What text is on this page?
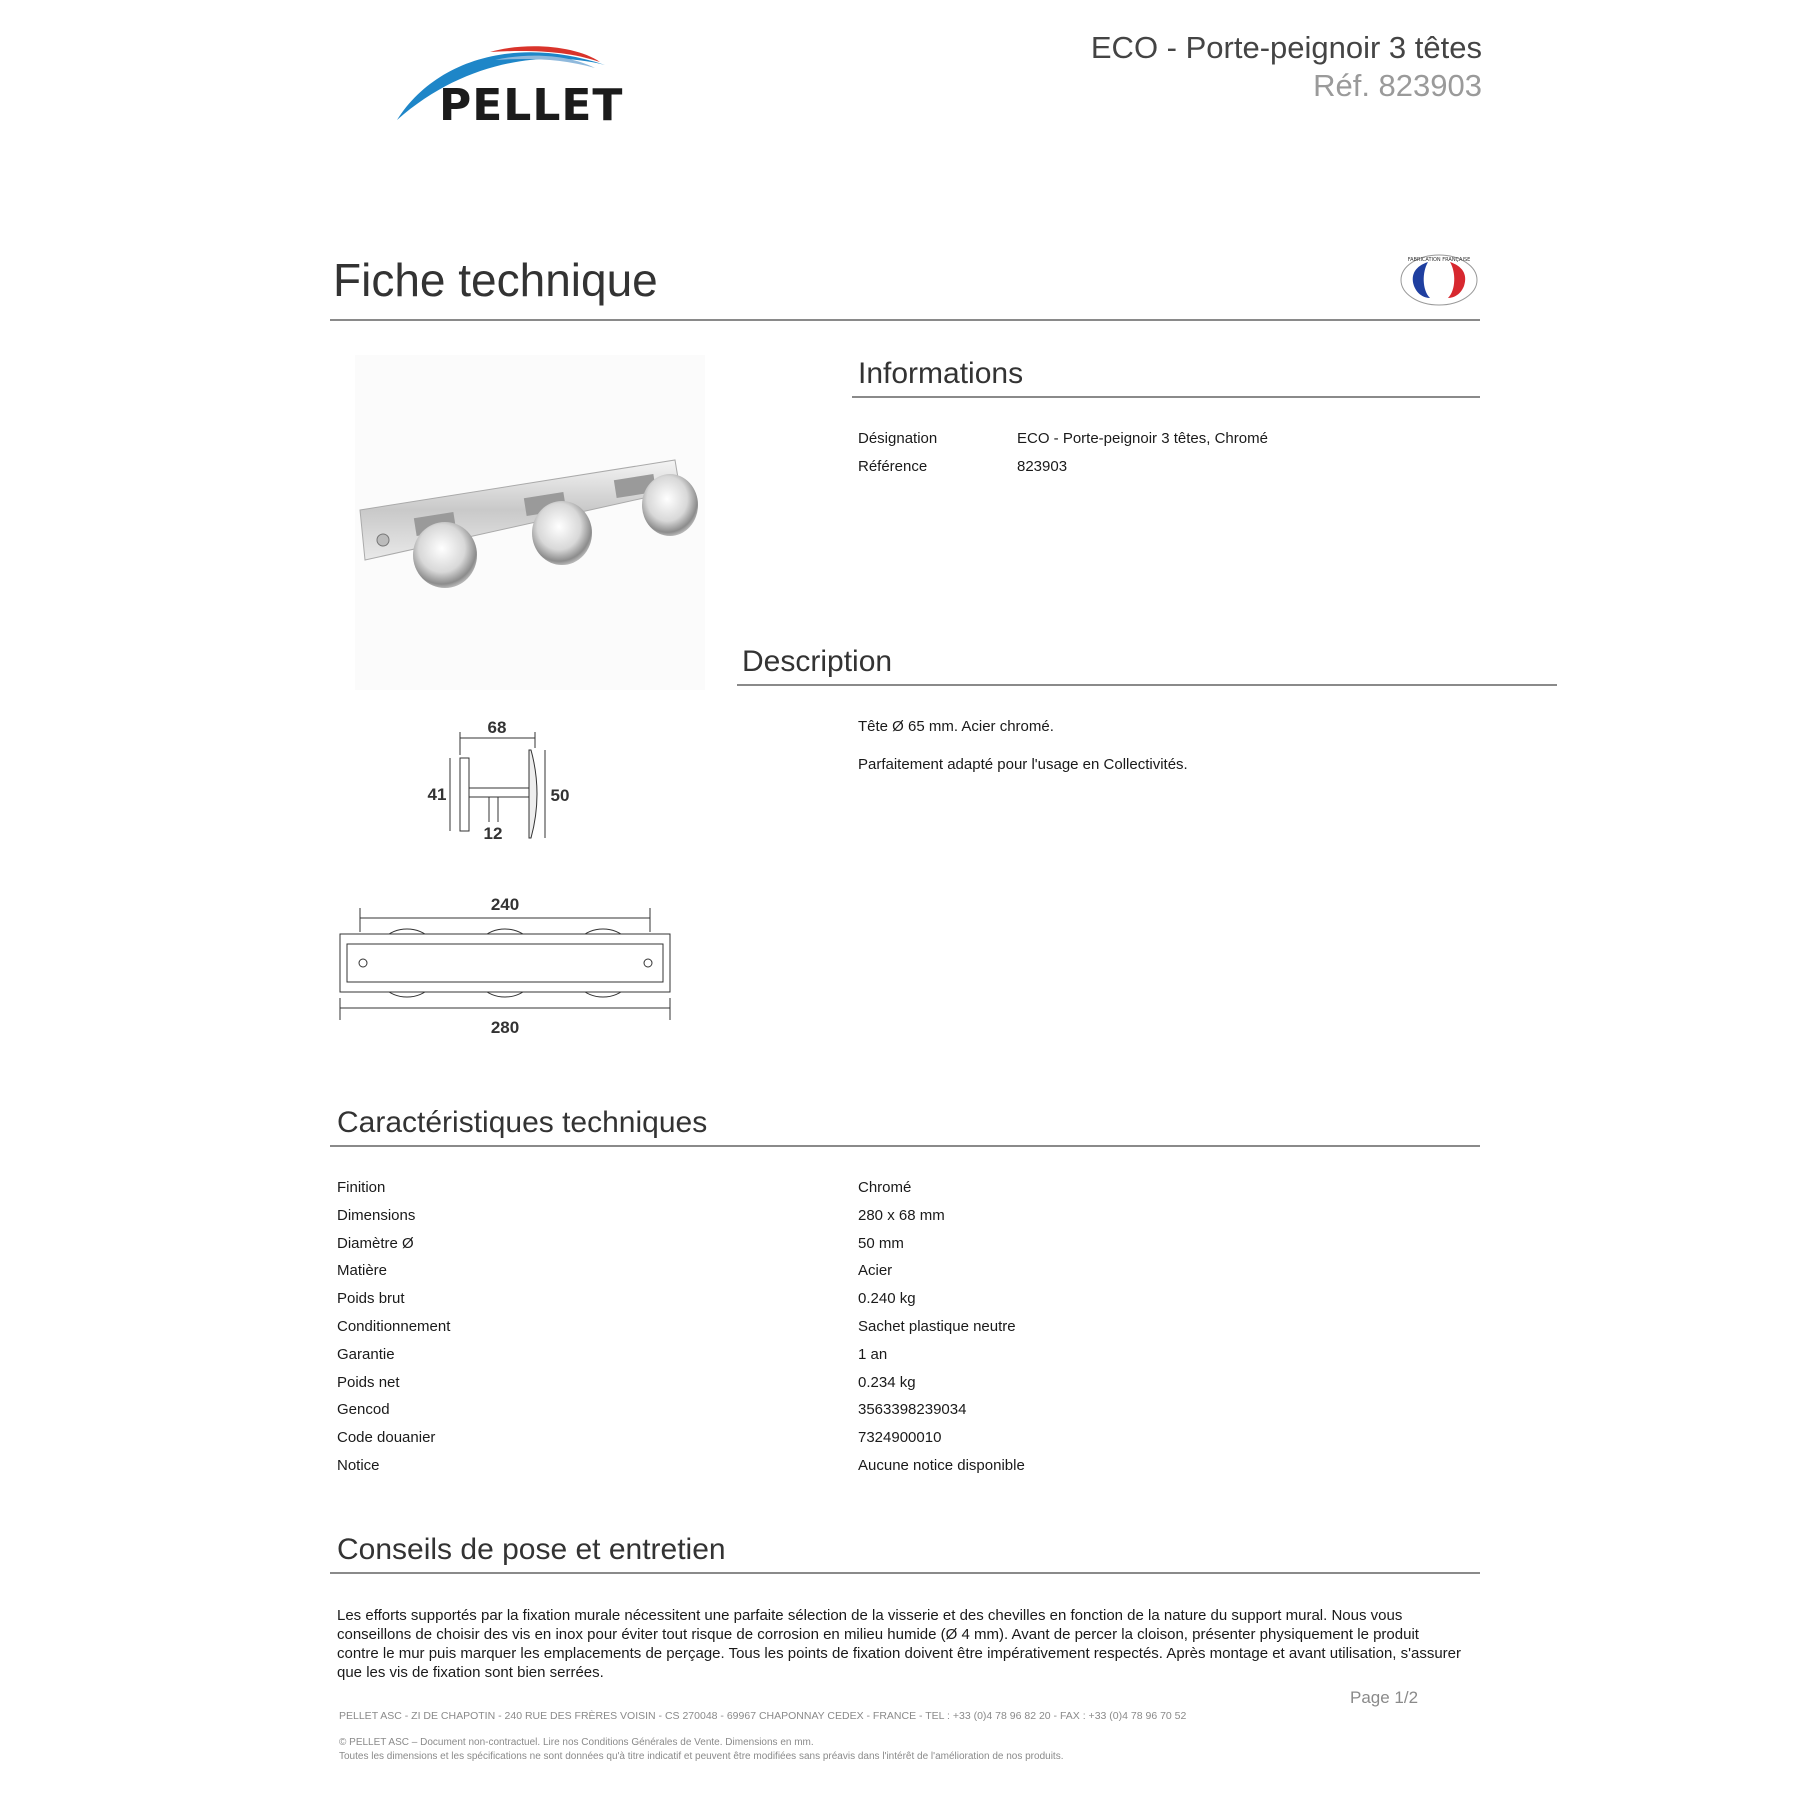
PELLET
ECO - Porte-peignoir 3 têtes
Réf. 823903
Fiche technique	FABRICATION FRANÇAISE
68
41	50
12
240
280
Informations
Désignation	ECO - Porte-peignoir 3 têtes, Chromé
Référence	823903
Description
Tête Ø 65 mm. Acier chromé.
Parfaitement adapté pour l'usage en Collectivités.
Caractéristiques techniques
Finition	Chromé
Dimensions	280 x 68 mm
Diamètre Ø	50 mm
Matière	Acier
Poids brut	0.240 kg
Conditionnement	Sachet plastique neutre
Garantie	1 an
Poids net	0.234 kg
Gencod	3563398239034
Code douanier	7324900010
Notice	Aucune notice disponible
Conseils de pose et entretien
Les efforts supportés par la fixation murale nécessitent une parfaite sélection de la visserie et des chevilles en fonction de la nature du support mural. Nous vous
conseillons de choisir des vis en inox pour éviter tout risque de corrosion en milieu humide (Ø 4 mm). Avant de percer la cloison, présenter physiquement le produit
contre le mur puis marquer les emplacements de perçage. Tous les points de fixation doivent être impérativement respectés. Après montage et avant utilisation, s'assurer
que les vis de fixation sont bien serrées.
PELLET ASC - ZI DE CHAPOTIN - 240 RUE DES FRÈRES VOISIN - CS 270048 - 69967 CHAPONNAY CEDEX - FRANCE - TEL : +33 (0)4 78 96 82 20 - FAX : +33 (0)4 78 96 70 52
Page 1/2
© PELLET ASC – Document non-contractuel. Lire nos Conditions Générales de Vente. Dimensions en mm.
Toutes les dimensions et les spécifications ne sont données qu'à titre indicatif et peuvent être modifiées sans préavis dans l'intérêt de l'amélioration de nos produits.
